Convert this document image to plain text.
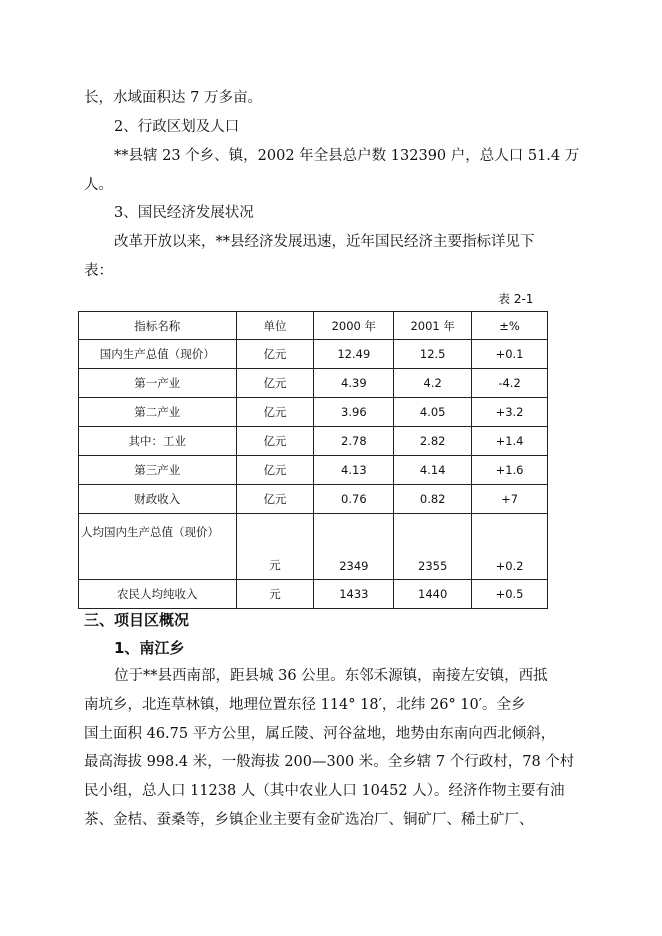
长，水域面积达 7 万多亩。
2、行政区划及人口
**县辖 23 个乡、镇，2002 年全县总户数 132390 户，总人口 51.4 万
人。
3、国民经济发展状况
改革开放以来，**县经济发展迅速，近年国民经济主要指标详见下
表：
表 2-1
指标名称	单位	2000 年	2001 年	±%
国内生产总值（现价）	亿元	12.49	12.5	+0.1
第一产业	亿元	4.39	4.2	-4.2
第二产业	亿元	3.96	4.05	+3.2
其中：工业	亿元	2.78	2.82	+1.4
第三产业	亿元	4.13	4.14	+1.6
财政收入	亿元	0.76	0.82	+7
人均国内生产总值（现价）	元	2349	2355	+0.2
农民人均纯收入	元	1433	1440	+0.5
三、项目区概况
1、南江乡
位于**县西南部，距县城 36 公里。东邻禾源镇，南接左安镇，西抵
南坑乡，北连草林镇，地理位置东径 114° 18′，北纬 26° 10′。全乡
国土面积 46.75 平方公里，属丘陵、河谷盆地，地势由东南向西北倾斜，
最高海拔 998.4 米，一般海拔 200—300 米。全乡辖 7 个行政村，78 个村
民小组，总人口 11238 人（其中农业人口 10452 人）。经济作物主要有油
茶、金桔、蚕桑等，乡镇企业主要有金矿选冶厂、铜矿厂、稀土矿厂、
